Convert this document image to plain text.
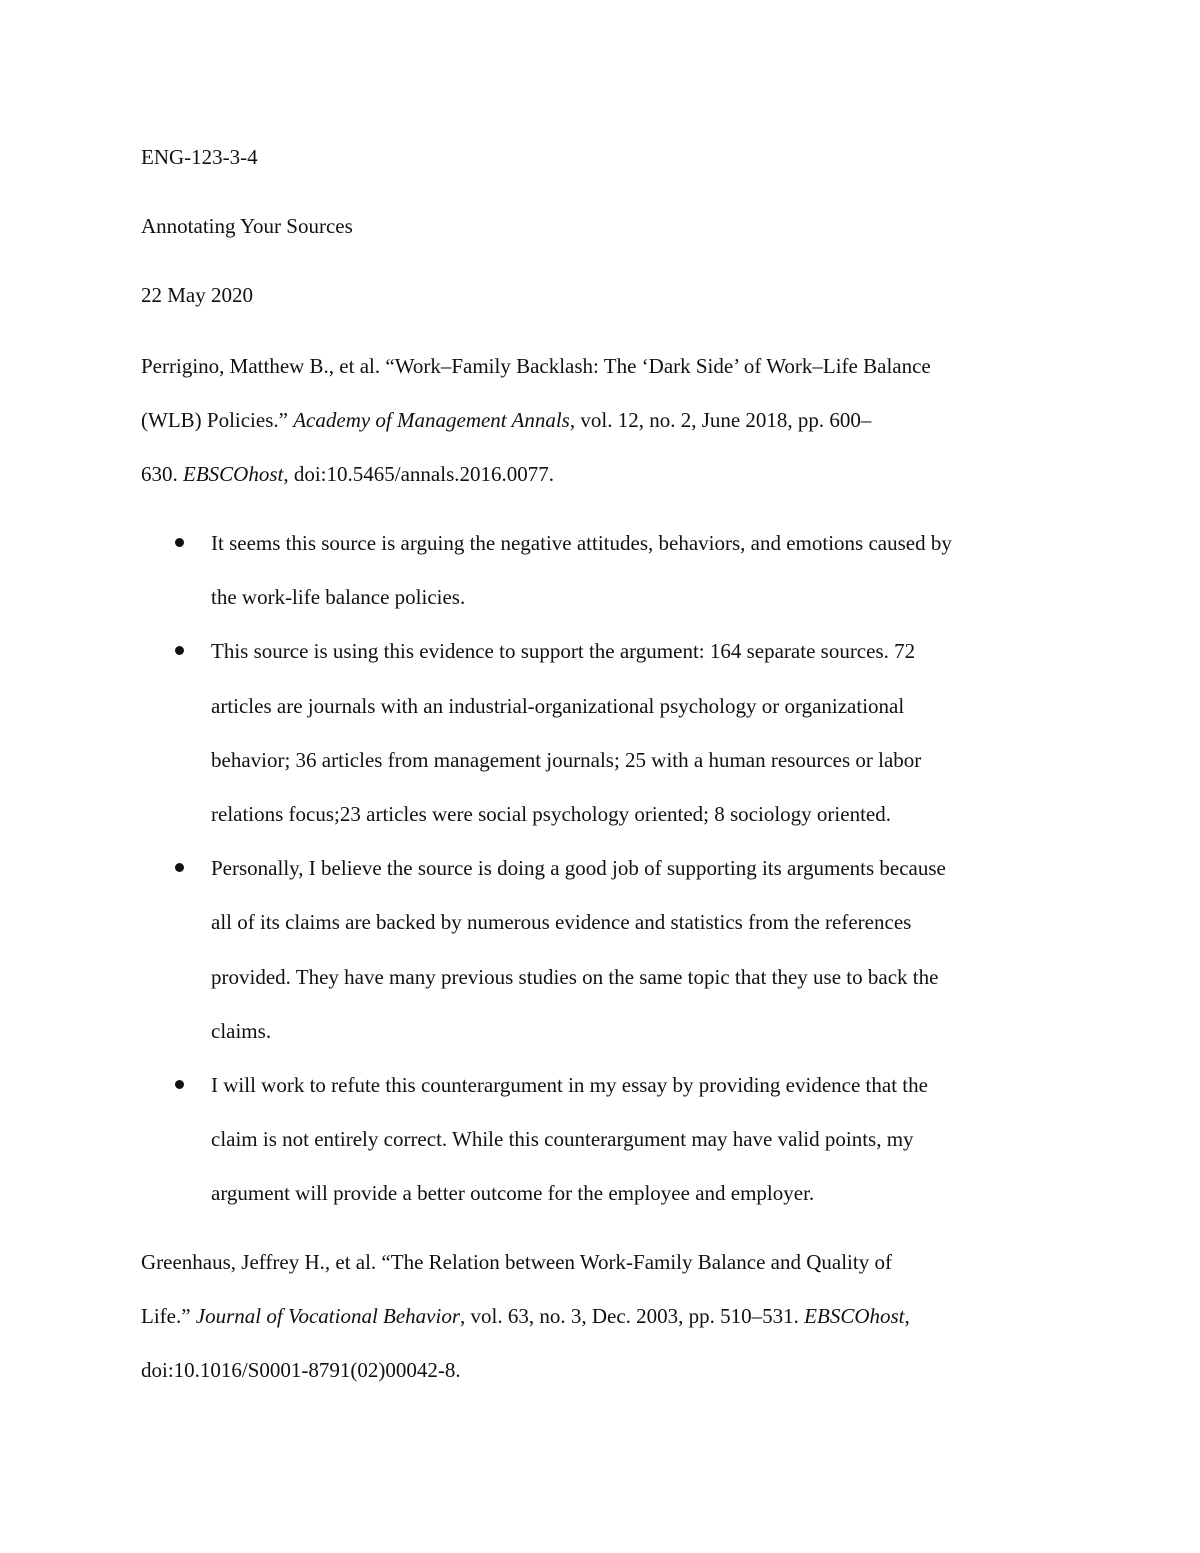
ENG-123-3-4

Annotating Your Sources

22 May 2020

Perrigino, Matthew B., et al. “Work–Family Backlash: The ‘Dark Side’ of Work–Life Balance
(WLB) Policies.” Academy of Management Annals, vol. 12, no. 2, June 2018, pp. 600–
630. EBSCOhost, doi:10.5465/annals.2016.0077.

It seems this source is arguing the negative attitudes, behaviors, and emotions caused by
the work-life balance policies.
This source is using this evidence to support the argument: 164 separate sources. 72
articles are journals with an industrial-organizational psychology or organizational
behavior; 36 articles from management journals; 25 with a human resources or labor
relations focus;23 articles were social psychology oriented; 8 sociology oriented.
Personally, I believe the source is doing a good job of supporting its arguments because
all of its claims are backed by numerous evidence and statistics from the references
provided. They have many previous studies on the same topic that they use to back the
claims.
I will work to refute this counterargument in my essay by providing evidence that the
claim is not entirely correct. While this counterargument may have valid points, my
argument will provide a better outcome for the employee and employer.

Greenhaus, Jeffrey H., et al. “The Relation between Work-Family Balance and Quality of
Life.” Journal of Vocational Behavior, vol. 63, no. 3, Dec. 2003, pp. 510–531. EBSCOhost,
doi:10.1016/S0001-8791(02)00042-8.
